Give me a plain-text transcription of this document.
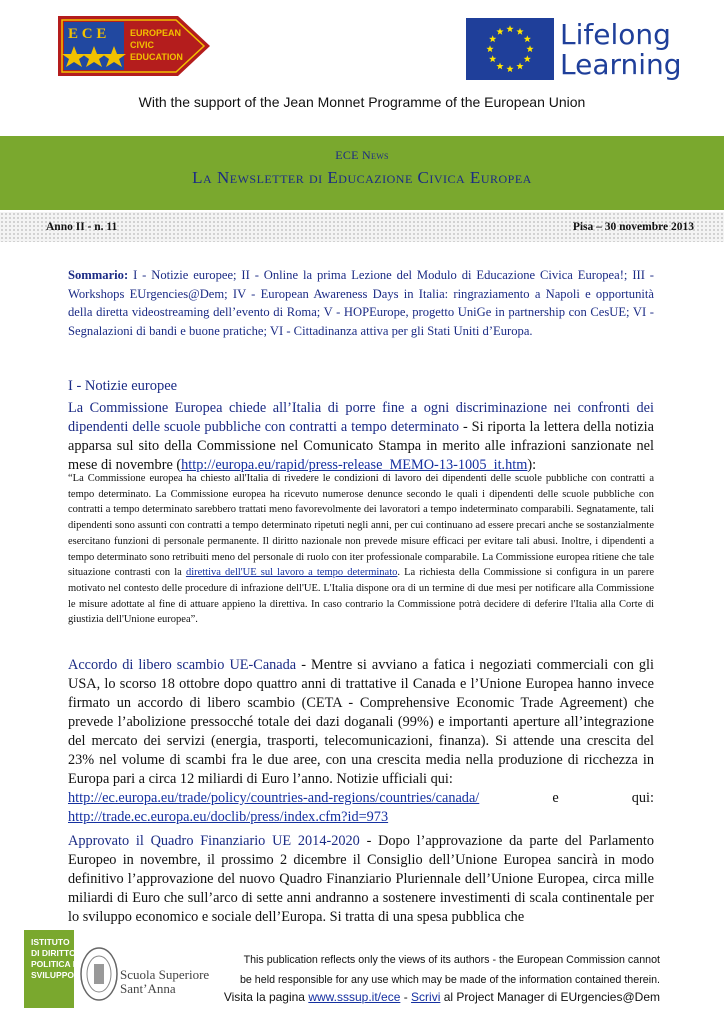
E C E	EUROPEAN
CIVIC
EDUCATION
Lifelong
Learning
With the support of the Jean Monnet Programme of the European Union
ECE News
La Newsletter di Educazione Civica Europea
Anno II - n. 11	Pisa – 30 novembre 2013
Sommario: I - Notizie europee; II - Online la prima Lezione del Modulo di Educazione Civica Europea!; III - Workshops EUrgencies@Dem; IV - European Awareness Days in Italia: ringraziamento a Napoli e opportunità della diretta videostreaming dell’evento di Roma; V - HOPEurope, progetto UniGe in partnership con CesUE; VI - Segnalazioni di bandi e buone pratiche; VI - Cittadinanza attiva per gli Stati Uniti d’Europa.
I - Notizie europee
La Commissione Europea chiede all’Italia di porre fine a ogni discriminazione nei confronti dei dipendenti delle scuole pubbliche con contratti a tempo determinato - Si riporta la lettera della notizia apparsa sul sito della Commissione nel Comunicato Stampa in merito alle infrazioni sanzionate nel mese di novembre (http://europa.eu/rapid/press-release_MEMO-13-1005_it.htm):
“La Commissione europea ha chiesto all'Italia di rivedere le condizioni di lavoro dei dipendenti delle scuole pubbliche con contratti a tempo determinato. La Commissione europea ha ricevuto numerose denunce secondo le quali i dipendenti delle scuole pubbliche con contratti a tempo determinato sarebbero trattati meno favorevolmente dei lavoratori a tempo indeterminato comparabili. Segnatamente, tali dipendenti sono assunti con contratti a tempo determinato ripetuti negli anni, per cui continuano ad essere precari anche se sostanzialmente esercitano funzioni di personale permanente. Il diritto nazionale non prevede misure efficaci per evitare tali abusi. Inoltre, i dipendenti a tempo determinato sono retribuiti meno del personale di ruolo con iter professionale comparabile. La Commissione europea ritiene che tale situazione contrasti con la direttiva dell'UE sul lavoro a tempo determinato. La richiesta della Commissione si configura in un parere motivato nel contesto delle procedure di infrazione dell'UE. L'Italia dispone ora di un termine di due mesi per notificare alla Commissione le misure adottate al fine di attuare appieno la direttiva. In caso contrario la Commissione potrà decidere di deferire l'Italia alla Corte di giustizia dell'Unione europea”.
Accordo di libero scambio UE-Canada - Mentre si avviano a fatica i negoziati commerciali con gli USA, lo scorso 18 ottobre dopo quattro anni di trattative il Canada e l’Unione Europea hanno invece firmato un accordo di libero scambio (CETA - Comprehensive Economic Trade Agreement) che prevede l’abolizione pressocché totale dei dazi doganali (99%) e importanti aperture all’integrazione del mercato dei servizi (energia, trasporti, telecomunicazioni, finanza). Si attende una crescita del 23% nel volume di scambi fra le due aree, con una crescita media nella produzione di ricchezza in Europa pari a circa 12 miliardi di Euro l’anno. Notizie ufficiali qui:
http://ec.europa.eu/trade/policy/countries-and-regions/countries/canada/ e qui:
http://trade.ec.europa.eu/doclib/press/index.cfm?id=973
Approvato il Quadro Finanziario UE 2014-2020 - Dopo l’approvazione da parte del Parlamento Europeo in novembre, il prossimo 2 dicembre il Consiglio dell’Unione Europea sancirà in modo definitivo l’approvazione del nuovo Quadro Finanziario Pluriennale dell’Unione Europea, circa mille miliardi di Euro che sull’arco di sette anni andranno a sostenere investimenti di scala continentale per lo sviluppo economico e sociale dell’Europa. Si tratta di una spesa pubblica che
ISTITUTO
DI DIRITTO,
POLITICA E
SVILUPPO	Scuola Superiore
Sant’Anna
This publication reflects only the views of its authors - the European Commission cannot
be held responsible for any use which may be made of the information contained therein.
Visita la pagina www.sssup.it/ece - Scrivi al Project Manager di EUrgencies@Dem
